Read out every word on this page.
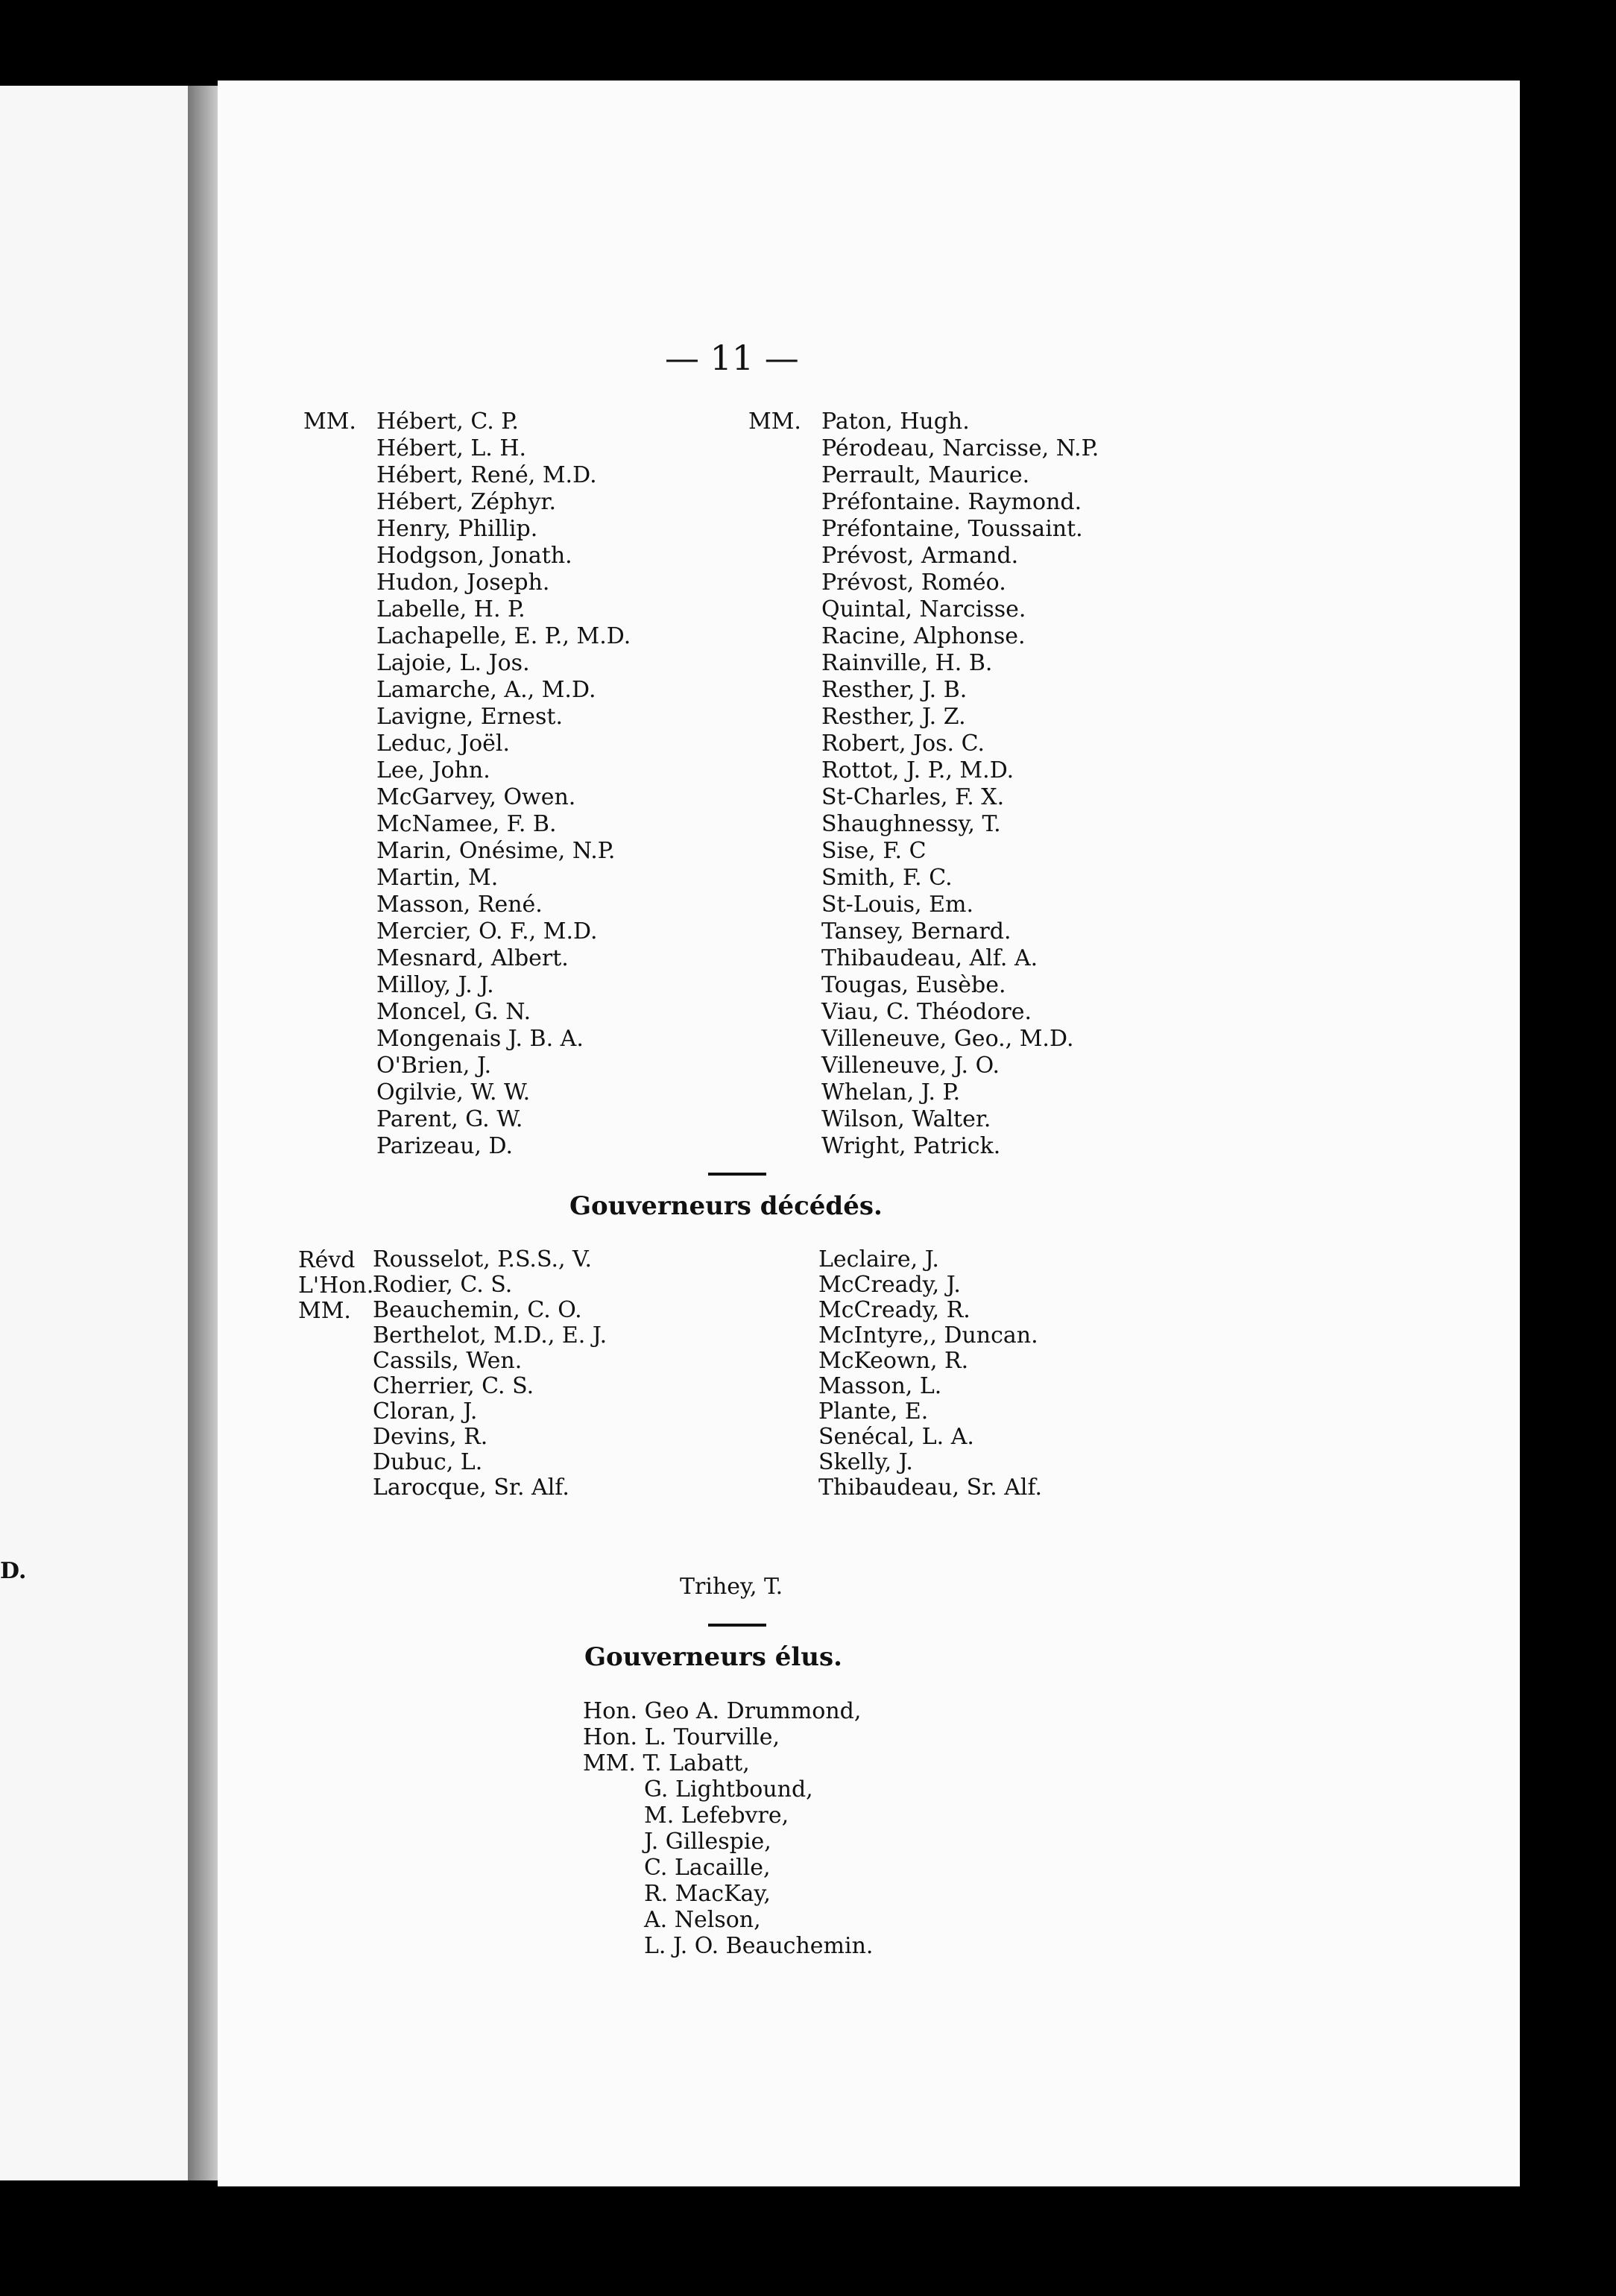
D.
— 11 —
MM. Hébert, C. P.
Hébert, L. H.
Hébert, René, M.D.
Hébert, Zéphyr.
Henry, Phillip.
Hodgson, Jonath.
Hudon, Joseph.
Labelle, H. P.
Lachapelle, E. P., M.D.
Lajoie, L. Jos.
Lamarche, A., M.D.
Lavigne, Ernest.
Leduc, Joël.
Lee, John.
McGarvey, Owen.
McNamee, F. B.
Marin, Onésime, N.P.
Martin, M.
Masson, René.
Mercier, O. F., M.D.
Mesnard, Albert.
Milloy, J. J.
Moncel, G. N.
Mongenais J. B. A.
O'Brien, J.
Ogilvie, W. W.
Parent, G. W.
Parizeau, D.
MM. Paton, Hugh.
Pérodeau, Narcisse, N.P.
Perrault, Maurice.
Préfontaine. Raymond.
Préfontaine, Toussaint.
Prévost, Armand.
Prévost, Roméo.
Quintal, Narcisse.
Racine, Alphonse.
Rainville, H. B.
Resther, J. B.
Resther, J. Z.
Robert, Jos. C.
Rottot, J. P., M.D.
St-Charles, F. X.
Shaughnessy, T.
Sise, F. C
Smith, F. C.
St-Louis, Em.
Tansey, Bernard.
Thibaudeau, Alf. A.
Tougas, Eusèbe.
Viau, C. Théodore.
Villeneuve, Geo., M.D.
Villeneuve, J. O.
Whelan, J. P.
Wilson, Walter.
Wright, Patrick.
Gouverneurs décédés.
Révd
L'Hon.
MM.
Rousselot, P.S.S., V.
Rodier, C. S.
Beauchemin, C. O.
Berthelot, M.D., E. J.
Cassils, Wen.
Cherrier, C. S.
Cloran, J.
Devins, R.
Dubuc, L.
Larocque, Sr. Alf.
Leclaire, J.
McCready, J.
McCready, R.
McIntyre,, Duncan.
McKeown, R.
Masson, L.
Plante, E.
Senécal, L. A.
Skelly, J.
Thibaudeau, Sr. Alf.
Trihey, T.
Gouverneurs élus.
Hon. Geo A. Drummond,
Hon. L. Tourville,
MM. T. Labatt,
G. Lightbound,
M. Lefebvre,
J. Gillespie,
C. Lacaille,
R. MacKay,
A. Nelson,
L. J. O. Beauchemin.
